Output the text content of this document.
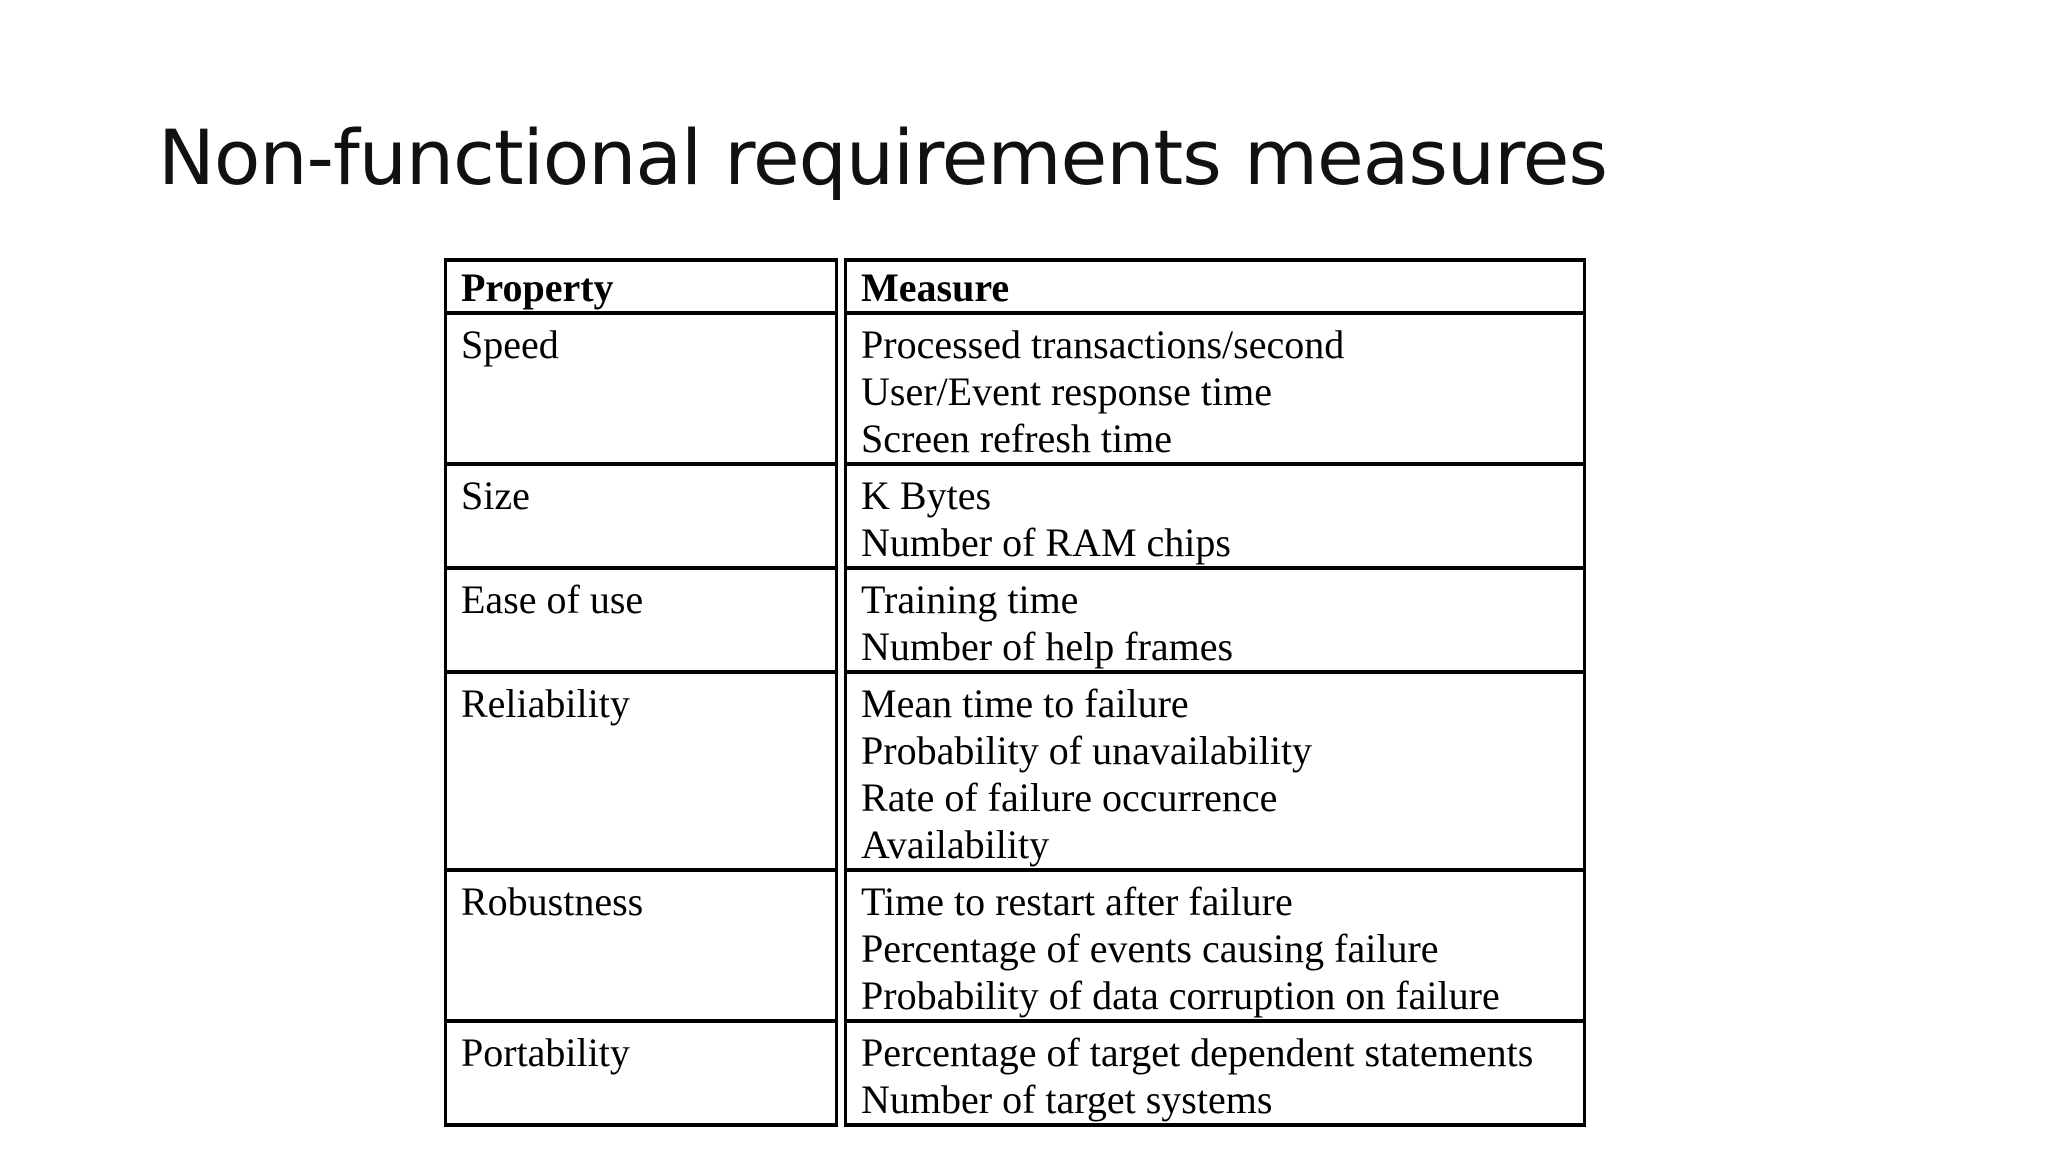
Non-functional requirements measures
Property	Measure
Speed	Processed transactions/second
User/Event response time
Screen refresh time

Size	K Bytes
Number of RAM chips

Ease of use	Training time
Number of help frames

Reliability	Mean time to failure
Probability of unavailability
Rate of failure occurrence
Availability

Robustness	Time to restart after failure
Percentage of events causing failure
Probability of data corruption on failure

Portability	Percentage of target dependent statements
Number of target systems
